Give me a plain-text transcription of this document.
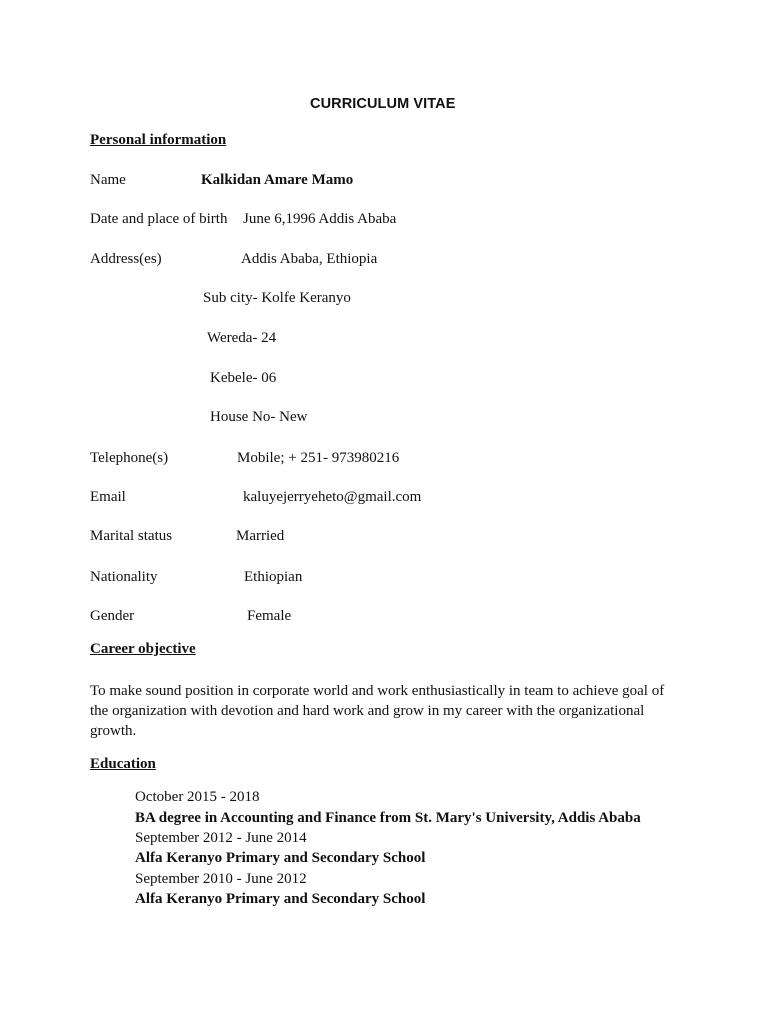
CURRICULUM VITAE
Personal information
Name	Kalkidan Amare Mamo
Date and place of birth June 6,1996 Addis Ababa
Address(es)	Addis Ababa, Ethiopia
Sub city- Kolfe Keranyo
Wereda- 24
Kebele- 06
House No- New
Telephone(s)	Mobile; + 251- 973980216
Email	kaluyejerryeheto@gmail.com
Marital status	Married
Nationality	Ethiopian
Gender	Female
Career objective
To make sound position in corporate world and work enthusiastically in team to achieve goal of the organization with devotion and hard work and grow in my career with the organizational growth.
Education
October 2015 - 2018
BA degree in Accounting and Finance from St. Mary's University, Addis Ababa
September 2012 - June 2014
Alfa Keranyo Primary and Secondary School
September 2010 - June 2012
Alfa Keranyo Primary and Secondary School
